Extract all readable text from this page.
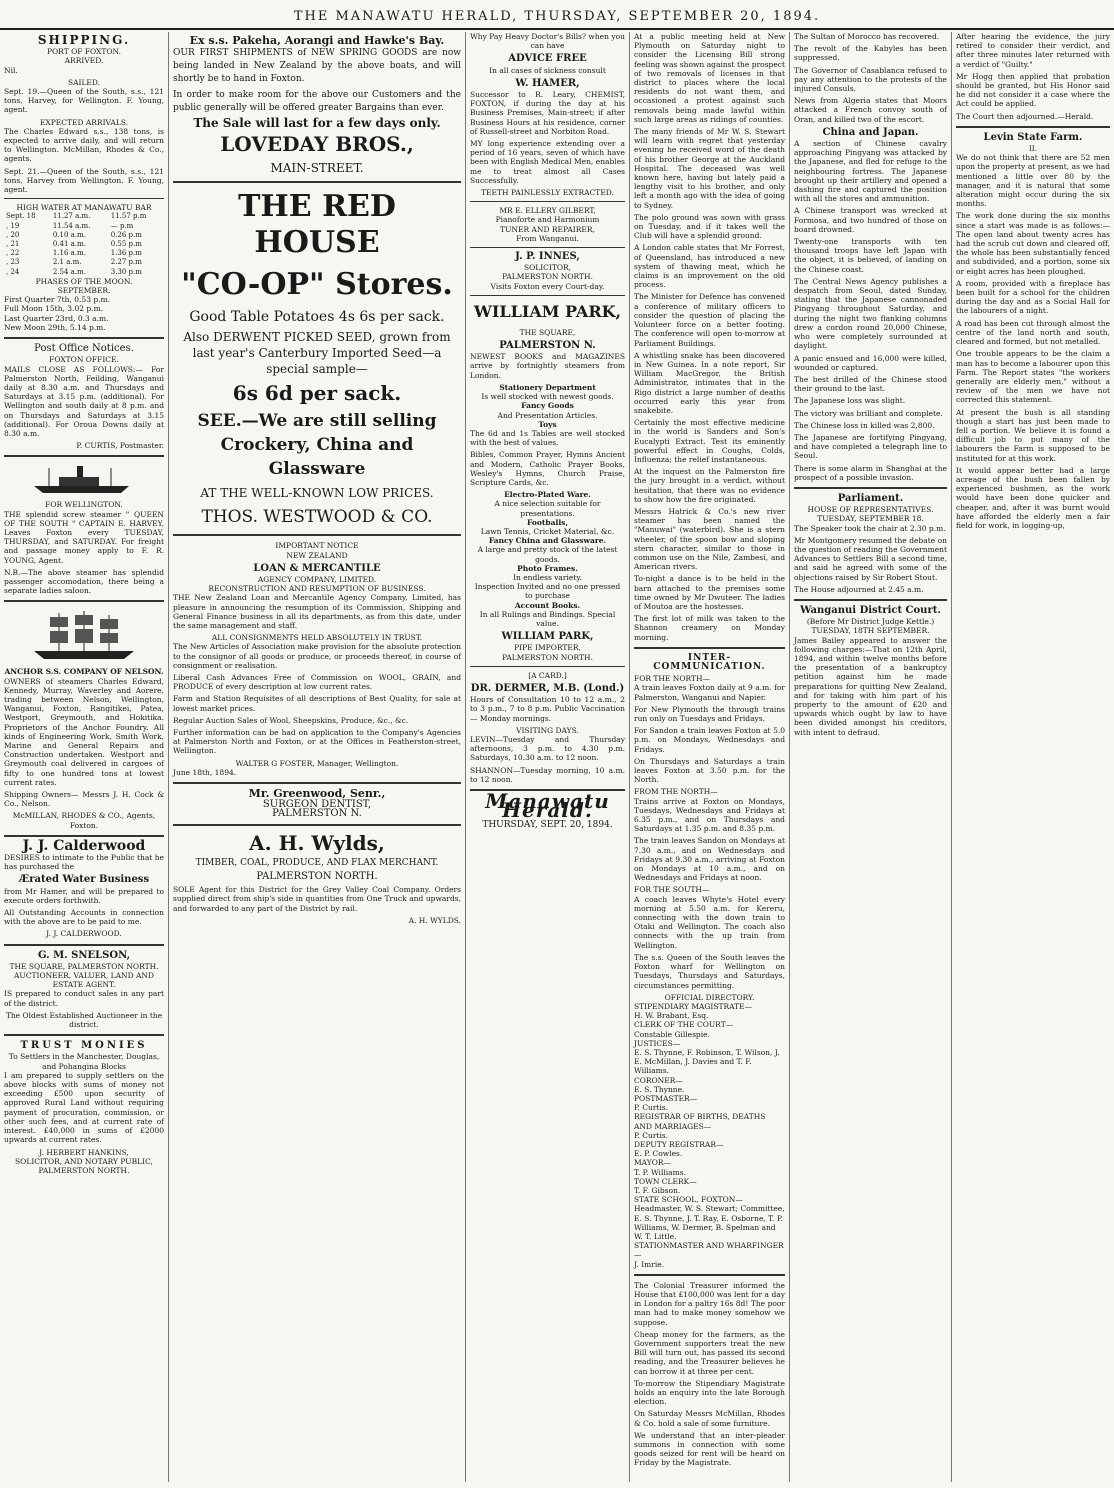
THE MANAWATU HERALD, THURSDAY, SEPTEMBER 20, 1894.
SHIPPING.
PORT OF FOXTON.
ARRIVED.

Nil.

SAILED.

Sept. 19.—Queen of the South, s.s., 121 tons, Harvey, for Wellington. F. Young, agent.

EXPECTED ARRIVALS.

The Charles Edward s.s., 138 tons, is expected to arrive daily, and will return to Wellington. McMillan, Rhodes & Co., agents.

Sept. 21.—Queen of the South, s.s., 121 tons, Harvey from Wellington. F. Young, agent.

HIGH WATER AT MANAWATU BAR
Sept. 18	11.27 a.m.	11.57 p.m
, 19	11.54 a.m.	— p.m
, 20	0.10 a.m.	0.26 p.m
, 21	0.41 a.m.	0.55 p.m
, 22	1.16 a.m.	1.36 p.m
, 23	2.1 a.m.	2.27 p.m
, 24	2.54 a.m.	3.30 p.m
PHASES OF THE MOON.
SEPTEMBER.
First Quarter 7th, 0.53 p.m.
Full Moon 15th, 3.02 p.m.
Last Quarter 23rd, 0.3 a.m.
New Moon 29th, 5.14 p.m.
Post Office Notices.
FOXTON OFFICE.

MAILS CLOSE AS FOLLOWS:— For Palmerston North, Feilding, Wanganui daily at 8.30 a.m. and Thursdays and Saturdays at 3.15 p.m. (additional). For Wellington and south daily at 8 p.m. and on Thursdays and Saturdays at 3.15 (additional). For Oroua Downs daily at 8.30 a.m.

P. CURTIS, Postmaster.
FOR WELLINGTON.

THE splendid screw steamer " QUEEN OF THE SOUTH " CAPTAIN E. HARVEY, Leaves Foxton every TUESDAY, THURSDAY, and SATURDAY. For freight and passage money apply to F. R. YOUNG, Agent.

N.B.—The above steamer has splendid passenger accomodation, there being a separate ladies saloon.

ANCHOR S.S. COMPANY OF NELSON.

OWNERS of steamers Charles Edward, Kennedy, Murray, Waverley and Aorere, trading between Nelson, Wellington, Wanganui, Foxton, Rangitikei, Patea, Westport, Greymouth, and Hokitika. Proprietors of the Anchor Foundry. All kinds of Engineering Work, Smith Work, Marine and General Repairs and Construction undertaken. Westport and Greymouth coal delivered in cargoes of fifty to one hundred tons at lowest current rates.

Shipping Owners— Messrs J. H. Cock & Co., Nelson.

McMILLAN, RHODES & CO., Agents, Foxton.
J. J. Calderwood

DESIRES to intimate to the Public that he has purchased the

Ærated Water Business

from Mr Hamer, and will be prepared to execute orders forthwith.

All Outstanding Accounts in connection with the above are to be paid to me.

J. J. CALDERWOOD.
G. M. SNELSON,
THE SQUARE, PALMERSTON NORTH.
AUCTIONEER, VALUER, LAND AND ESTATE AGENT.

IS prepared to conduct sales in any part of the district.

The Oldest Established Auctioneer in the district.
TRUST MONIES
To Settlers in the Manchester, Douglas, and Pohangina Blocks

I am prepared to supply settlers on the above blocks with sums of money not exceeding £500 upon security of approved Rural Land without requiring payment of procuration, commission, or other such fees, and at current rate of interest. £40,000 in sums of £2000 upwards at current rates.

J. HERBERT HANKINS,
SOLICITOR, AND NOTARY PUBLIC,
PALMERSTON NORTH.
Ex s.s. Pakeha, Aorangi and Hawke's Bay.

OUR FIRST SHIPMENTS of NEW SPRING GOODS are now being landed in New Zealand by the above boats, and will shortly be to hand in Foxton.

In order to make room for the above our Customers and the public generally will be offered greater Bargains than ever.

The Sale will last for a few days only.
LOVEDAY BROS.,
MAIN-STREET.
THE RED HOUSE
"CO-OP" Stores.
Good Table Potatoes 4s 6s per sack.
Also DERWENT PICKED SEED, grown from last year's Canterbury Imported Seed—a special sample—
6s 6d per sack.
SEE.—We are still selling Crockery, China and Glassware
AT THE WELL-KNOWN LOW PRICES.
THOS. WESTWOOD & CO.
IMPORTANT NOTICE
NEW ZEALAND
LOAN & MERCANTILE
AGENCY COMPANY, LIMITED.
RECONSTRUCTION AND RESUMPTION OF BUSINESS.

THE New Zealand Loan and Mercantile Agency Company, Limited, has pleasure in announcing the resumption of its Commission, Shipping and General Finance business in all its departments, as from this date, under the same management and staff.

ALL CONSIGNMENTS HELD ABSOLUTELY IN TRUST.

The New Articles of Association make provision for the absolute protection to the consignor of all goods or produce, or proceeds thereof, in course of consignment or realisation.

Liberal Cash Advances Free of Commission on WOOL, GRAIN, and PRODUCE of every description at low current rates.

Farm and Station Requisites of all descriptions of Best Quality, for sale at lowest market prices.

Regular Auction Sales of Wool, Sheepskins, Produce, &c., &c.

Further information can be had on application to the Company's Agencies at Palmerston North and Foxton, or at the Offices in Featherston-street, Wellington.

WALTER G FOSTER, Manager, Wellington.
June 18th, 1894.
Mr. Greenwood, Senr.,
SURGEON DENTIST,
PALMERSTON N.
A. H. Wylds,
TIMBER, COAL, PRODUCE, AND FLAX MERCHANT.
PALMERSTON NORTH.

SOLE Agent for this District for the Grey Valley Coal Company. Orders supplied direct from ship's side in quantities from One Truck and upwards, and forwarded to any part of the District by rail.

A. H. WYLDS.
Why Pay Heavy Doctor's Bills? when you can have
ADVICE FREE
In all cases of sickness consult
W. HAMER,

Successor to R. Leary, CHEMIST, FOXTON, if during the day at his Business Premises, Main-street; if after Business Hours at his residence, corner of Russell-street and Norbiton Road.

MY long experience extending over a period of 16 years, seven of which have been with English Medical Men, enables me to treat almost all Cases Successfully.

TEETH PAINLESSLY EXTRACTED.
MR E. ELLERY GILBERT,
Pianoforte and Harmonium
TUNER AND REPAIRER,
From Wanganui.
J. P. INNES,
SOLICITOR,
PALMERSTON NORTH.
Visits Foxton every Court-day.
WILLIAM PARK,
THE SQUARE,
PALMERSTON N.

NEWEST BOOKS and MAGAZINES arrive by fortnightly steamers from London.

Stationery Department
Is well stocked with newest goods.
Fancy Goods
And Presentation Articles.
Toys

The 6d and 1s Tables are well stocked with the best of values.

Bibles, Common Prayer, Hymns Ancient and Modern, Catholic Prayer Books, Wesley's Hymns, Church Praise, Scripture Cards, &c.

Electro-Plated Ware.
A nice selection suitable for presentations.
Footballs,
Lawn Tennis, Cricket Material, &c.
Fancy China and Glassware.
A large and pretty stock of the latest goods.
Photo Frames.
In endless variety.
Inspection Invited and no one pressed to purchase
Account Books.
In all Rulings and Bindings. Special value.
WILLIAM PARK,
PIPE IMPORTER,
PALMERSTON NORTH.
[A CARD.]
DR. DERMER, M.B. (Lond.)

Hours of Consultation 10 to 12 a.m., 2 to 3 p.m., 7 to 8 p.m. Public Vaccination — Monday mornings.

VISITING DAYS.

LEVIN—Tuesday and Thursday afternoons, 3 p.m. to 4.30 p.m. Saturdays, 10.30 a.m. to 12 noon.

SHANNON—Tuesday morning, 10 a.m. to 12 noon.

Manawatu Herald.
THURSDAY, SEPT. 20, 1894.

At a public meeting held at New Plymouth on Saturday night to consider the Licensing Bill strong feeling was shown against the prospect of two removals of licenses in that district to places where the local residents do not want them, and occasioned a protest against such removals being made lawful within such large areas as ridings of counties.

The many friends of Mr W. S. Stewart will learn with regret that yesterday evening he received word of the death of his brother George at the Auckland Hospital. The deceased was well known here, having but lately paid a lengthy visit to his brother, and only left a month ago with the idea of going to Sydney.

The polo ground was sown with grass on Tuesday, and if it takes well the Club will have a splendid ground.

A London cable states that Mr Forrest, of Queensland, has introduced a new system of thawing meat, which he claims is an improvement on the old process.

The Minister for Defence has convened a conference of military officers to consider the question of placing the Volunteer force on a better footing. The conference will open to-morrow at Parliament Buildings.

A whistling snake has been discovered in New Guinea. In a note report, Sir William MacGregor, the British Administrator, intimates that in the Rigo district a large number of deaths occurred early this year from snakebite.

Certainly the most effective medicine in the world is Sanders and Son's Eucalypti Extract. Test its eminently powerful effect in Coughs, Colds, Influenza; the relief instantaneous.

At the inquest on the Palmerston fire the jury brought in a verdict, without hesitation, that there was no evidence to show how the fire originated.

Messrs Hatrick & Co.'s new river steamer has been named the "Manuwai" (waterbird). She is a stern wheeler, of the spoon bow and sloping stern character, similar to those in common use on the Nile, Zambesi, and American rivers.

To-night a dance is to be held in the barn attached to the premises some time owned by Mr Dwuteer. The ladies of Moutoa are the hostesses.

The first lot of milk was taken to the Shannon creamery on Monday morning.

INTER-COMMUNICATION.
FOR THE NORTH—

A train leaves Foxton daily at 9 a.m. for Palmerston, Wanganui and Napier.

For New Plymouth the through trains run only on Tuesdays and Fridays.

For Sandon a train leaves Foxton at 5.0 p.m. on Mondays, Wednesdays and Fridays.

On Thursdays and Saturdays a train leaves Foxton at 3.50 p.m. for the North.

FROM THE NORTH—

Trains arrive at Foxton on Mondays, Tuesdays, Wednesdays and Fridays at 6.35 p.m., and on Thursdays and Saturdays at 1.35 p.m. and 8.35 p.m.

The train leaves Sandon on Mondays at 7.30 a.m., and on Wednesdays and Fridays at 9.30 a.m., arriving at Foxton on Mondays at 10 a.m., and on Wednesdays and Fridays at noon.

FOR THE SOUTH—

A coach leaves Whyte's Hotel every morning at 5.50 a.m. for Kereru, connecting with the down train to Otaki and Wellington. The coach also connects with the up train from Wellington.

The s.s. Queen of the South leaves the Foxton wharf for Wellington on Tuesdays, Thursdays and Saturdays, circumstances permitting.

OFFICIAL DIRECTORY.
STIPENDIARY MAGISTRATE—
H. W. Brabant, Esq.
CLERK OF THE COURT—
Constable Gillespie.
JUSTICES—
E. S. Thynne, F. Robinson, T. Wilson, J. E. McMillan, J. Davies and T. F. Williams.
CORONER—
E. S. Thynne.
POSTMASTER—
P. Curtis.
REGISTRAR OF BIRTHS, DEATHS AND MARRIAGES—
P. Curtis.
DEPUTY REGISTRAR—
E. P. Cowles.
MAYOR—
T. P. Williams.
TOWN CLERK—
T. F. Gibson.
STATE SCHOOL, FOXTON—
Headmaster, W. S. Stewart; Committee, E. S. Thynne, J. T. Ray, E. Osborne, T. P. Williams, W. Dermer, B. Spelman and W. T. Little.
STATIONMASTER AND WHARFINGER—
J. Imrie.

The Colonial Treasurer informed the House that £100,000 was lent for a day in London for a paltry 16s 8d! The poor man had to make money somehow we suppose.

Cheap money for the farmers, as the Government supporters treat the new Bill will turn out, has passed its second reading, and the Treasurer believes he can borrow it at three per cent.

To-morrow the Stipendiary Magistrate holds an enquiry into the late Borough election.

On Saturday Messrs McMillan, Rhodes & Co. hold a sale of some furniture.

We understand that an inter-pleader summons in connection with some goods seized for rent will be heard on Friday by the Magistrate.

The Sultan of Morocco has recovered.

The revolt of the Kabyles has been suppressed.

The Governor of Casablanca refused to pay any attention to the protests of the injured Consuls.

News from Algeria states that Moors attacked a French convoy south of Oran, and killed two of the escort.

China and Japan.

A section of Chinese cavalry approaching Pingyang was attacked by the Japanese, and fled for refuge to the neighbouring fortress. The Japanese brought up their artillery and opened a dashing fire and captured the position with all the stores and ammunition.

A Chinese transport was wrecked at Formosa, and two hundred of those on board drowned.

Twenty-one transports with ten thousand troops have left Japan with the object, it is believed, of landing on the Chinese coast.

The Central News Agency publishes a despatch from Seoul, dated Sunday, stating that the Japanese cannonaded Pingyang throughout Saturday, and during the night two flanking columns drew a cordon round 20,000 Chinese, who were completely surrounded at daylight.

A panic ensued and 16,000 were killed, wounded or captured.

The best drilled of the Chinese stood their ground to the last.

The Japanese loss was slight.

The victory was brilliant and complete.

The Chinese loss in killed was 2,800.

The Japanese are fortifying Pingyang, and have completed a telegraph line to Seoul.

There is some alarm in Shanghai at the prospect of a possible invasion.

Parliament.
HOUSE OF REPRESENTATIVES.
TUESDAY, SEPTEMBER 18.

The Speaker took the chair at 2.30 p.m.

Mr Montgomery resumed the debate on the question of reading the Government Advances to Settlers Bill a second time, and said he agreed with some of the objections raised by Sir Robert Stout.

The House adjourned at 2.45 a.m.

Wanganui District Court.
(Before Mr District Judge Kettle.)
TUESDAY, 18TH SEPTEMBER.

James Bailey appeared to answer the following charges:—That on 12th April, 1894, and within twelve months before the presentation of a bankruptcy petition against him he made preparations for quitting New Zealand, and for taking with him part of his property to the amount of £20 and upwards which ought by law to have been divided amongst his creditors, with intent to defraud.

After hearing the evidence, the jury retired to consider their verdict, and after three minutes later returned with a verdict of "Guilty."

Mr Hogg then applied that probation should be granted, but His Honor said he did not consider it a case where the Act could be applied.

The Court then adjourned.—Herald.

Levin State Farm.
II.

We do not think that there are 52 men upon the property at present, as we had mentioned a little over 80 by the manager, and it is natural that some alteration might occur during the six months.

The work done during the six months since a start was made is as follows:—The open land about twenty acres has had the scrub cut down and cleared off, the whole has been substantially fenced and subdivided, and a portion, some six or eight acres has been ploughed.

A room, provided with a fireplace has been built for a school for the children during the day and as a Social Hall for the labourers of a night.

A road has been cut through almost the centre of the land north and south, cleared and formed, but not metalled.

One trouble appears to be the claim a man has to become a labourer upon this Farm. The Report states "the workers generally are elderly men," without a review of the men we have not corrected this statement.

At present the bush is all standing though a start has just been made to fell a portion. We believe it is found a difficult job to put many of the labourers the Farm is supposed to be instituted for at this work.

It would appear better had a large acreage of the bush been fallen by experienced bushmen, as the work would have been done quicker and cheaper, and, after it was burnt would have afforded the elderly men a fair field for work, in logging-up,
